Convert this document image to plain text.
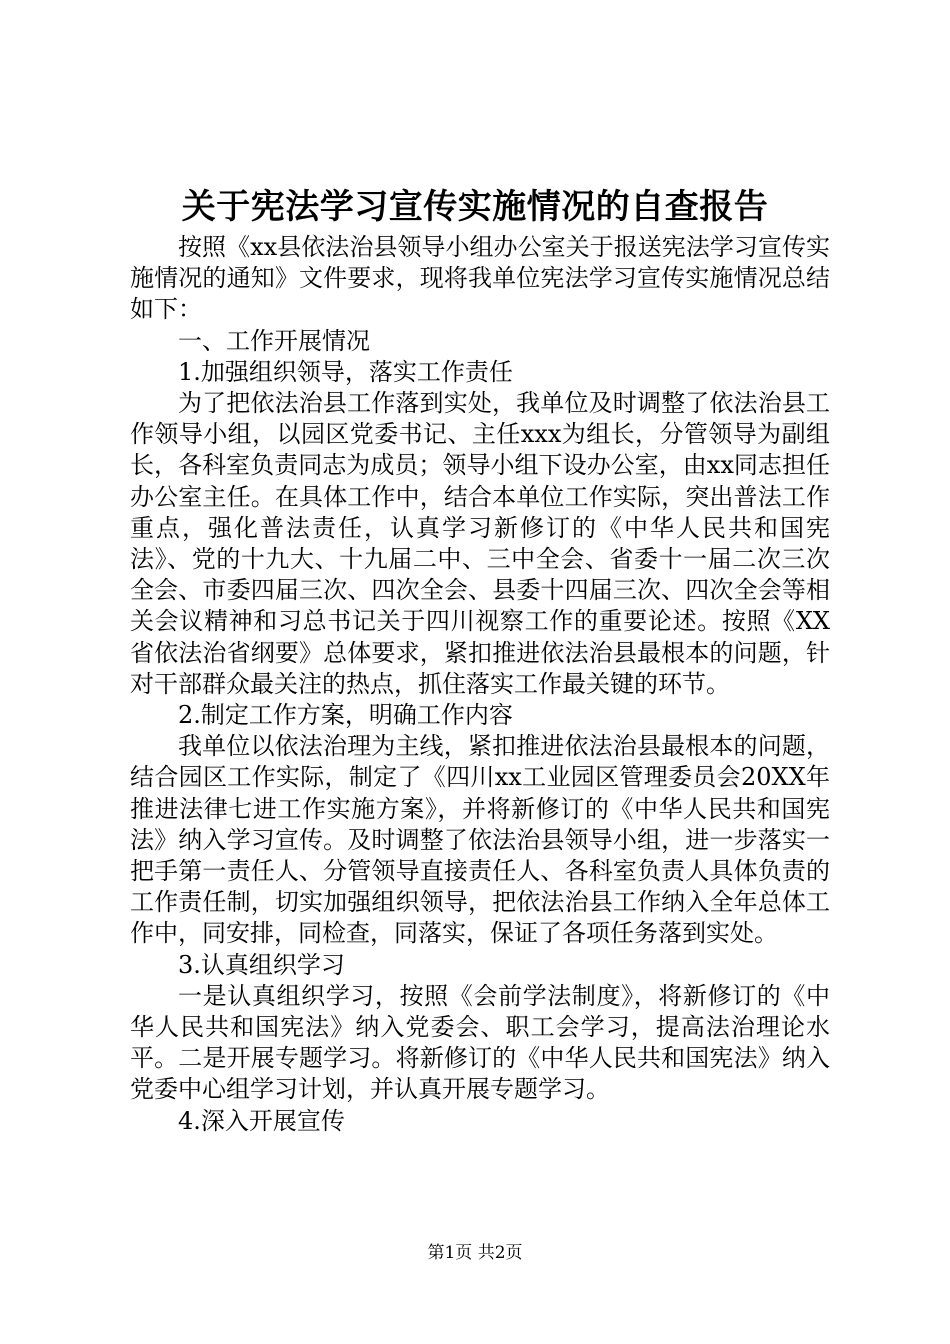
关于宪法学习宣传实施情况的自查报告

按照《xx县依法治县领导小组办公室关于报送宪法学习宣传实施情况的通知》文件要求，现将我单位宪法学习宣传实施情况总结如下：

一、工作开展情况

1.加强组织领导，落实工作责任

为了把依法治县工作落到实处，我单位及时调整了依法治县工作领导小组，以园区党委书记、主任xxx为组长，分管领导为副组长，各科室负责同志为成员；领导小组下设办公室，由xx同志担任办公室主任。在具体工作中，结合本单位工作实际，突出普法工作重点，强化普法责任，认真学习新修订的《中华人民共和国宪法》、党的十九大、十九届二中、三中全会、省委十一届二次三次全会、市委四届三次、四次全会、县委十四届三次、四次全会等相关会议精神和习总书记关于四川视察工作的重要论述。按照《XX省依法治省纲要》总体要求，紧扣推进依法治县最根本的问题，针对干部群众最关注的热点，抓住落实工作最关键的环节。

2.制定工作方案，明确工作内容

我单位以依法治理为主线，紧扣推进依法治县最根本的问题，结合园区工作实际，制定了《四川xx工业园区管理委员会20XX年推进法律七进工作实施方案》，并将新修订的《中华人民共和国宪法》纳入学习宣传。及时调整了依法治县领导小组，进一步落实一把手第一责任人、分管领导直接责任人、各科室负责人具体负责的工作责任制，切实加强组织领导，把依法治县工作纳入全年总体工作中，同安排，同检查，同落实，保证了各项任务落到实处。

3.认真组织学习

一是认真组织学习，按照《会前学法制度》，将新修订的《中华人民共和国宪法》纳入党委会、职工会学习，提高法治理论水平。二是开展专题学习。将新修订的《中华人民共和国宪法》纳入党委中心组学习计划，并认真开展专题学习。

4.深入开展宣传

第1页 共2页
